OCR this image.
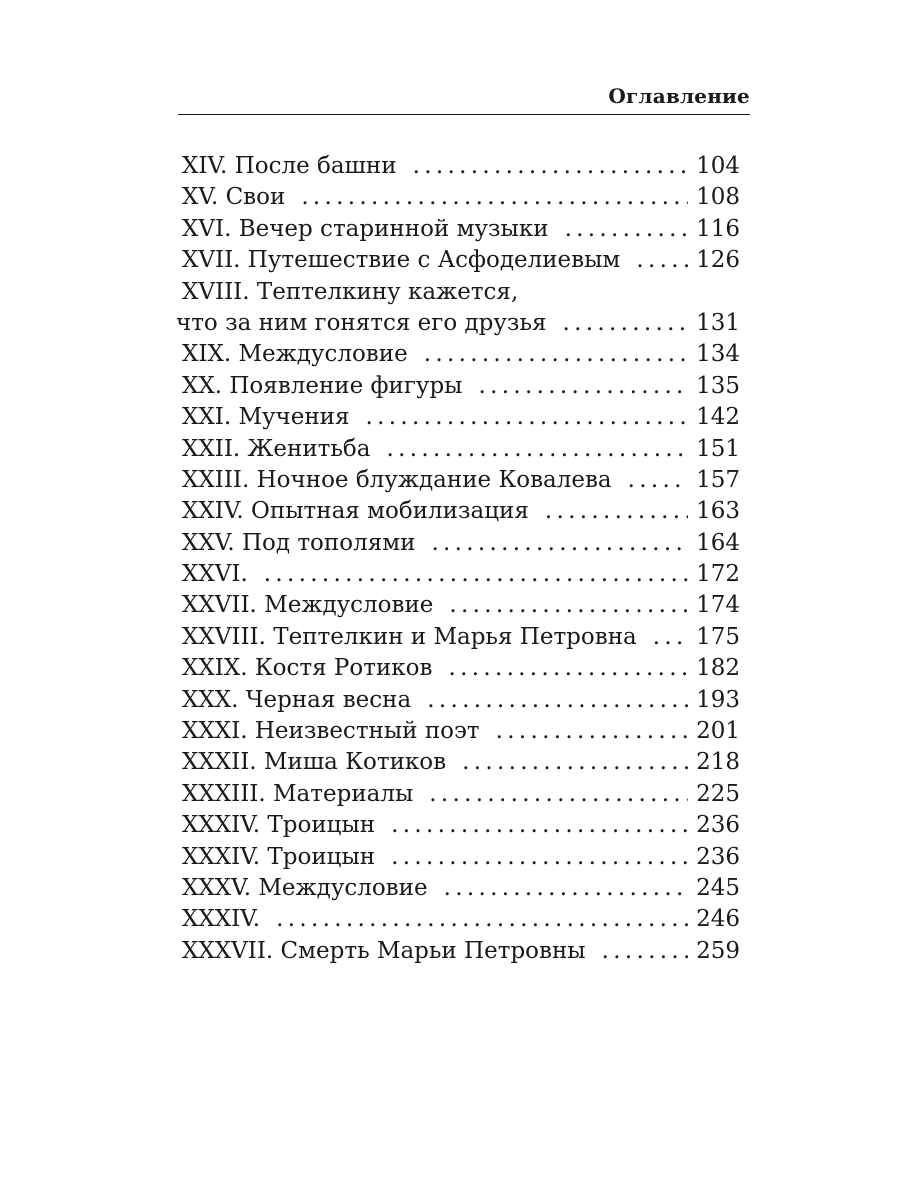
Оглавление
XIV. После башни . . .	104
XV. Свои . . .	108
XVI. Вечер старинной музыки . . .	116
XVII. Путешествие с Асфоделиевым . . .	126
XVIII. Тептелкину кажется,
что за ним гонятся его друзья . . .	131
XIX. Междусловие . . .	134
XX. Появление фигуры . . .	135
XXI. Мучения . . .	142
XXII. Женитьба . . .	151
XXIII. Ночное блуждание Ковалева . . .	157
XXIV. Опытная мобилизация . . .	163
XXV. Под тополями . . .	164
XXVI. . . .	172
XXVII. Междусловие . . .	174
XXVIII. Тептелкин и Марья Петровна . . .	175
XXIX. Костя Ротиков . . .	182
XXX. Черная весна . . .	193
XXXI. Неизвестный поэт . . .	201
XXXII. Миша Котиков . . .	218
XXXIII. Материалы . . .	225
XXXIV. Троицын . . .	236
XXXIV. Троицын . . .	236
XXXV. Междусловие . . .	245
XXXIV. . . .	246
XXXVII. Смерть Марьи Петровны . . .	259
